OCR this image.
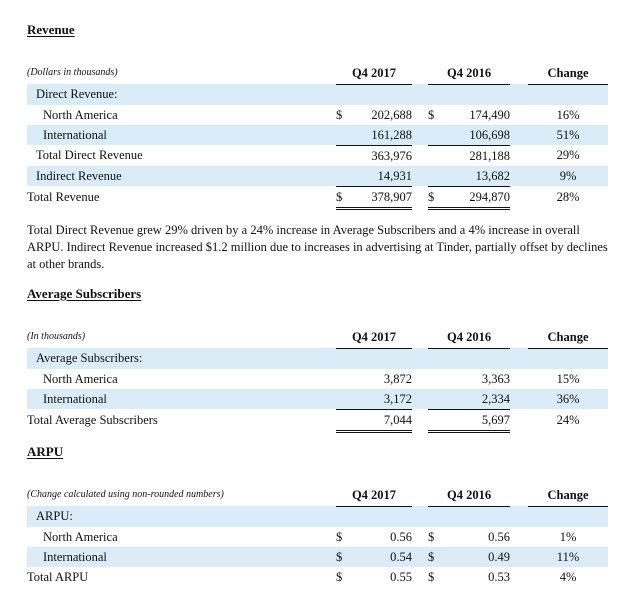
Revenue
(Dollars in thousands)	Q4 2017			Q4 2016			Change
Direct Revenue:							
North America	$	202,688		$	174,490		16%
International		161,288			106,698		51%
Total Direct Revenue		363,976			281,188		29%
Indirect Revenue		14,931			13,682		9%
Total Revenue	$	378,907		$	294,870		28%

Total Direct Revenue grew 29% driven by a 24% increase in Average Subscribers and a 4% increase in overall ARPU. Indirect Revenue increased $1.2 million due to increases in advertising at Tinder, partially offset by declines at other brands.

Average Subscribers
(In thousands)	Q4 2017			Q4 2016			Change
Average Subscribers:							
North America		3,872			3,363		15%
International		3,172			2,334		36%
Total Average Subscribers		7,044			5,697		24%
ARPU
(Change calculated using non-rounded numbers)	Q4 2017			Q4 2016			Change
ARPU:							
North America	$	0.56		$	0.56		1%
International	$	0.54		$	0.49		11%
Total ARPU	$	0.55		$	0.53		4%
